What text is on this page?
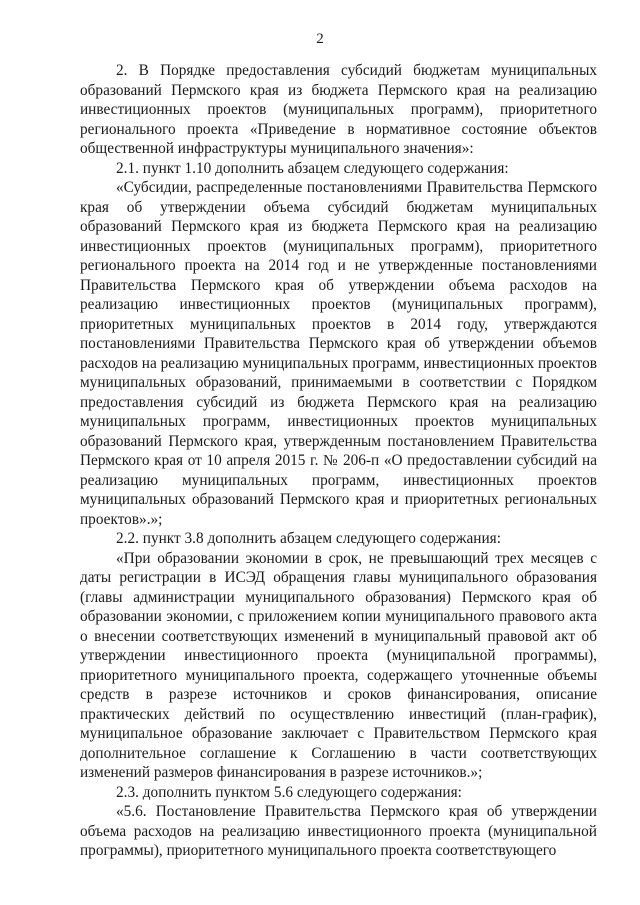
2

2. В Порядке предоставления субсидий бюджетам муниципальных образований Пермского края из бюджета Пермского края на реализацию инвестиционных проектов (муниципальных программ), приоритетного регионального проекта «Приведение в нормативное состояние объектов общественной инфраструктуры муниципального значения»:

2.1. пункт 1.10 дополнить абзацем следующего содержания:

«Субсидии, распределенные постановлениями Правительства Пермского края об утверждении объема субсидий бюджетам муниципальных образований Пермского края из бюджета Пермского края на реализацию инвестиционных проектов (муниципальных программ), приоритетного регионального проекта на 2014 год и не утвержденные постановлениями Правительства Пермского края об утверждении объема расходов на реализацию инвестиционных проектов (муниципальных программ), приоритетных муниципальных проектов в 2014 году, утверждаются постановлениями Правительства Пермского края об утверждении объемов расходов на реализацию муниципальных программ, инвестиционных проектов муниципальных образований, принимаемыми в соответствии с Порядком предоставления субсидий из бюджета Пермского края на реализацию муниципальных программ, инвестиционных проектов муниципальных образований Пермского края, утвержденным постановлением Правительства Пермского края от 10 апреля 2015 г. № 206-п «О предоставлении субсидий на реализацию муниципальных программ, инвестиционных проектов муниципальных образований Пермского края и приоритетных региональных проектов».»;

2.2. пункт 3.8 дополнить абзацем следующего содержания:

«При образовании экономии в срок, не превышающий трех месяцев с даты регистрации в ИСЭД обращения главы муниципального образования (главы администрации муниципального образования) Пермского края об образовании экономии, с приложением копии муниципального правового акта о внесении соответствующих изменений в муниципальный правовой акт об утверждении инвестиционного проекта (муниципальной программы), приоритетного муниципального проекта, содержащего уточненные объемы средств в разрезе источников и сроков финансирования, описание практических действий по осуществлению инвестиций (план-график), муниципальное образование заключает с Правительством Пермского края дополнительное соглашение к Соглашению в части соответствующих изменений размеров финансирования в разрезе источников.»;

2.3. дополнить пунктом 5.6 следующего содержания:

«5.6. Постановление Правительства Пермского края об утверждении объема расходов на реализацию инвестиционного проекта (муниципальной программы), приоритетного муниципального проекта соответствующего
